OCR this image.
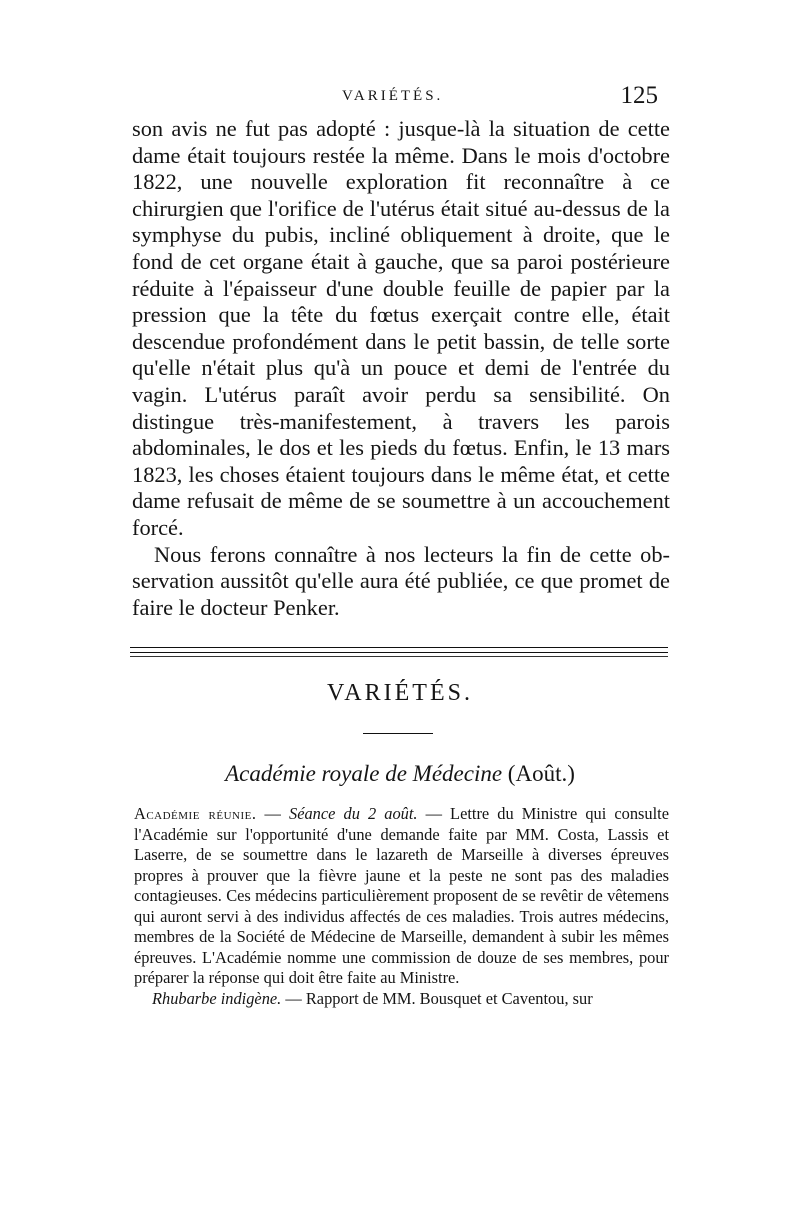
VARIÉTÉS.	125

son avis ne fut pas adopté : jusque-là la situation de cette dame était toujours restée la même. Dans le mois d'octobre 1822, une nouvelle exploration fit reconnaître à ce chirurgien que l'orifice de l'utérus était situé au-dessus de la symphyse du pubis, incliné obliquement à droite, que le fond de cet organe était à gauche, que sa paroi postérieure réduite à l'épaisseur d'une double feuille de papier par la pression que la tête du fœtus exerçait contre elle, était descendue profondément dans le petit bassin, de telle sorte qu'elle n'était plus qu'à un pouce et demi de l'entrée du vagin. L'utérus paraît avoir perdu sa sensibilité. On distingue très-manifestement, à travers les parois abdominales, le dos et les pieds du fœtus. Enfin, le 13 mars 1823, les choses étaient toujours dans le même état, et cette dame refusait de même de se soumettre à un accouchement forcé.

Nous ferons connaître à nos lecteurs la fin de cette observation aussitôt qu'elle aura été publiée, ce que promet de faire le docteur Penker.

VARIÉTÉS.
Académie royale de Médecine (Août.)

Académie réunie. — Séance du 2 août. — Lettre du Ministre qui consulte l'Académie sur l'opportunité d'une demande faite par MM. Costa, Lassis et Laserre, de se soumettre dans le lazareth de Marseille à diverses épreuves propres à prouver que la fièvre jaune et la peste ne sont pas des maladies contagieuses. Ces médecins particulièrement proposent de se revêtir de vêtemens qui auront servi à des individus affectés de ces maladies. Trois autres médecins, membres de la Société de Médecine de Marseille, demandent à subir les mêmes épreuves. L'Académie nomme une commission de douze de ses membres, pour préparer la réponse qui doit être faite au Ministre.

Rhubarbe indigène. — Rapport de MM. Bousquet et Caventou, sur
